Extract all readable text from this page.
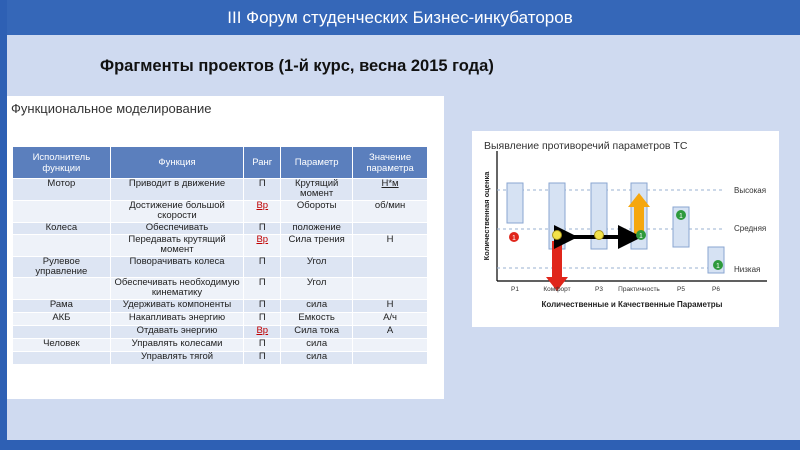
III Форум студенческих Бизнес-инкубаторов
Фрагменты проектов (1-й курс, весна 2015 года)
Функциональное моделирование
Исполнитель функции	Функция	Ранг	Параметр	Значение параметра
Мотор	Приводит в движение	П	Крутящий момент	Н*м
	Достижение большой скорости	Вр	Обороты	об/мин
Колеса	Обеспечивать	П	положение	
	Передавать крутящий момент	Вр	Сила трения	Н
Рулевое управление	Поворачивать колеса	П	Угол	
	Обеспечивать необходимую кинематику	П	Угол	
Рама	Удерживать компоненты	П	сила	Н
АКБ	Накапливать энергию	П	Емкость	А/ч
	Отдавать энергию	Вр	Сила тока	А
Человек	Управлять колесами	П	сила	
	Управлять тягой	П	сила	
Выявление противоречий параметров ТС
Высокая
Средняя
Низкая
1	1
1
1
P1	Комфорт	P3 Практичность	P5	P6
Количественные и Качественные Параметры
Количественная оценка
